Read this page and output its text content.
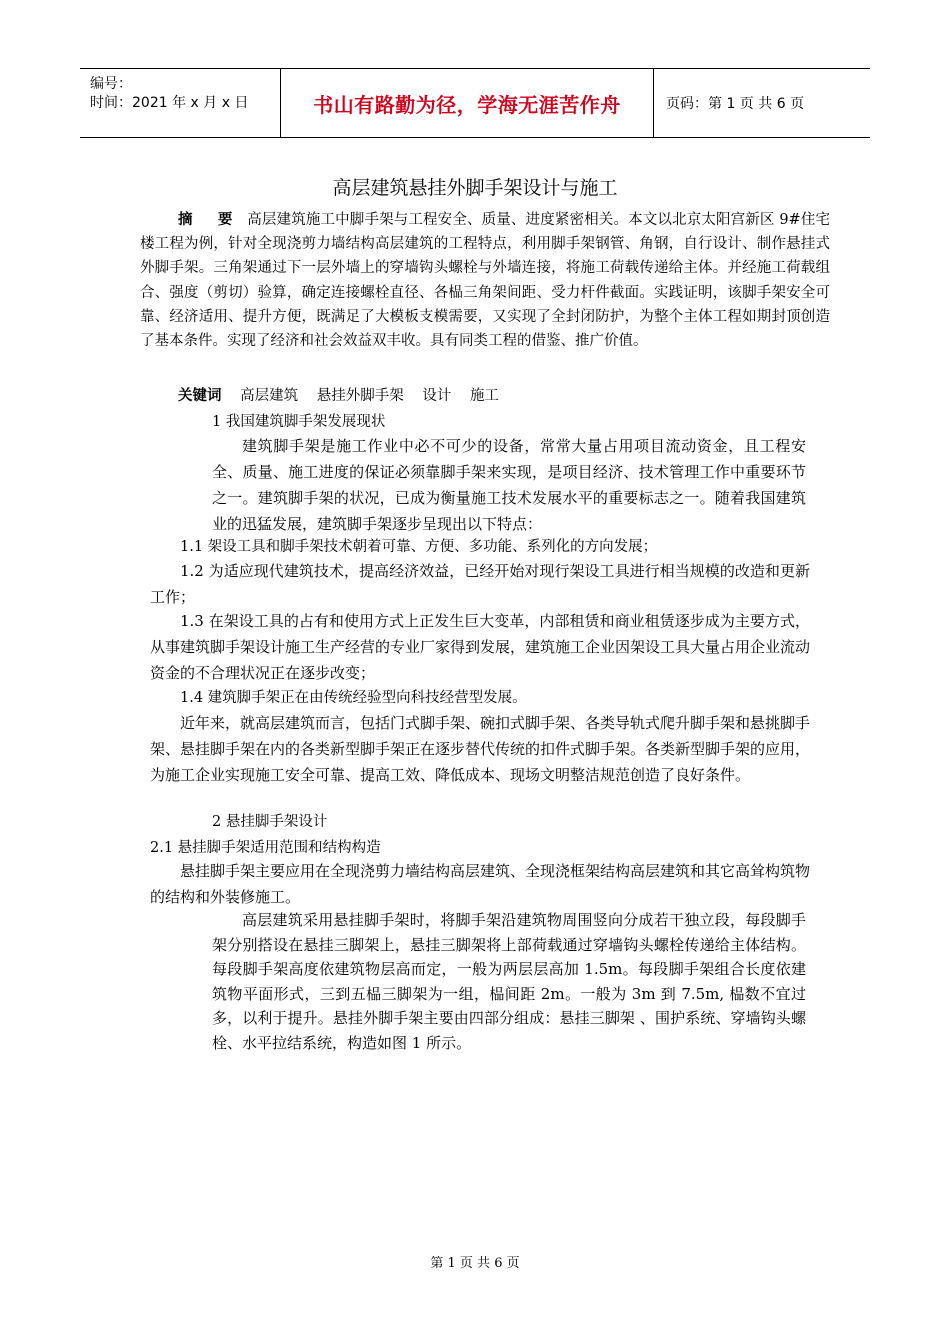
编号：
时间：2021 年 x 月 x 日	书山有路勤为径，学海无涯苦作舟	页码：第 1 页 共 6 页
高层建筑悬挂外脚手架设计与施工
摘 要 高层建筑施工中脚手架与工程安全、质量、进度紧密相关。本文以北京太阳宫新区 9#住宅楼工程为例，针对全现浇剪力墙结构高层建筑的工程特点，利用脚手架钢管、角钢，自行设计、制作悬挂式外脚手架。三角架通过下一层外墙上的穿墙钩头螺栓与外墙连接，将施工荷载传递给主体。并经施工荷载组合、强度（剪切）验算，确定连接螺栓直径、各榀三角架间距、受力杆件截面。实践证明，该脚手架安全可靠、经济适用、提升方便，既满足了大模板支模需要，又实现了全封闭防护，为整个主体工程如期封顶创造了基本条件。实现了经济和社会效益双丰收。具有同类工程的借鉴、推广价值。
关键词 高层建筑 悬挂外脚手架 设计 施工
1 我国建筑脚手架发展现状
建筑脚手架是施工作业中必不可少的设备，常常大量占用项目流动资金，且工程安全、质量、施工进度的保证必须靠脚手架来实现，是项目经济、技术管理工作中重要环节之一。建筑脚手架的状况，已成为衡量施工技术发展水平的重要标志之一。随着我国建筑业的迅猛发展，建筑脚手架逐步呈现出以下特点：
1.1 架设工具和脚手架技术朝着可靠、方便、多功能、系列化的方向发展；
1.2 为适应现代建筑技术，提高经济效益，已经开始对现行架设工具进行相当规模的改造和更新工作；
1.3 在架设工具的占有和使用方式上正发生巨大变革，内部租赁和商业租赁逐步成为主要方式，从事建筑脚手架设计施工生产经营的专业厂家得到发展，建筑施工企业因架设工具大量占用企业流动资金的不合理状况正在逐步改变；
1.4 建筑脚手架正在由传统经验型向科技经营型发展。
近年来，就高层建筑而言，包括门式脚手架、碗扣式脚手架、各类导轨式爬升脚手架和悬挑脚手架、悬挂脚手架在内的各类新型脚手架正在逐步替代传统的扣件式脚手架。各类新型脚手架的应用，为施工企业实现施工安全可靠、提高工效、降低成本、现场文明整洁规范创造了良好条件。
2 悬挂脚手架设计
2.1 悬挂脚手架适用范围和结构构造
悬挂脚手架主要应用在全现浇剪力墙结构高层建筑、全现浇框架结构高层建筑和其它高耸构筑物的结构和外装修施工。
高层建筑采用悬挂脚手架时，将脚手架沿建筑物周围竖向分成若干独立段，每段脚手架分别搭设在悬挂三脚架上，悬挂三脚架将上部荷载通过穿墙钩头螺栓传递给主体结构。每段脚手架高度依建筑物层高而定，一般为两层层高加 1.5m。每段脚手架组合长度依建筑物平面形式，三到五榀三脚架为一组，榀间距 2m。一般为 3m 到 7.5m, 榀数不宜过多，以利于提升。悬挂外脚手架主要由四部分组成：悬挂三脚架 、围护系统、穿墙钩头螺栓、水平拉结系统，构造如图 1 所示。
第 1 页 共 6 页
